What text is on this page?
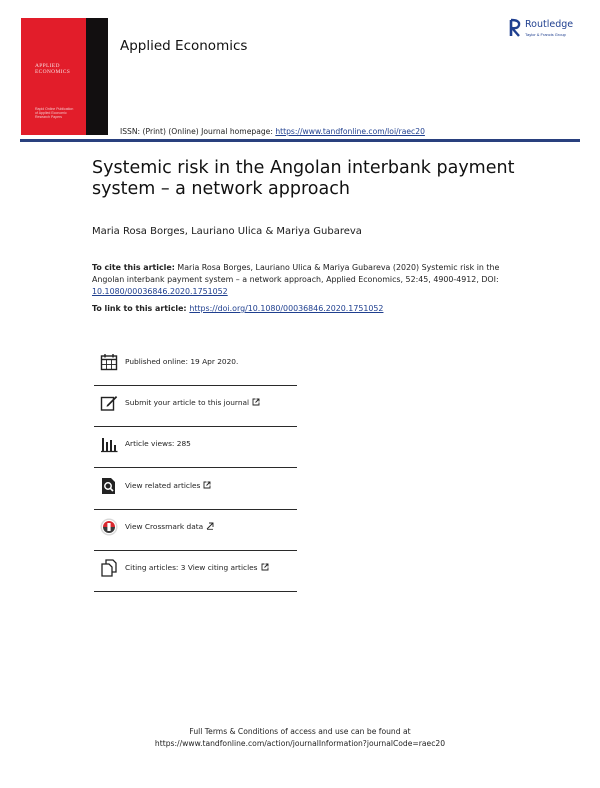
APPLIED
ECONOMICS
Rapid Online Publication
of Applied Economic
Research Papers
Applied Economics
ISSN: (Print) (Online) Journal homepage: https://www.tandfonline.com/loi/raec20
Routledge
Taylor & Francis Group
Systemic risk in the Angolan interbank payment system – a network approach
Maria Rosa Borges, Lauriano Ulica & Mariya Gubareva
To cite this article: Maria Rosa Borges, Lauriano Ulica & Mariya Gubareva (2020) Systemic risk in the Angolan interbank payment system – a network approach, Applied Economics, 52:45, 4900-4912, DOI: 10.1080/00036846.2020.1751052
To link to this article: https://doi.org/10.1080/00036846.2020.1751052
Published online: 19 Apr 2020.
Submit your article to this journal
Article views: 285
View related articles
View Crossmark data
Citing articles: 3 View citing articles
Full Terms & Conditions of access and use can be found at
https://www.tandfonline.com/action/journalInformation?journalCode=raec20
